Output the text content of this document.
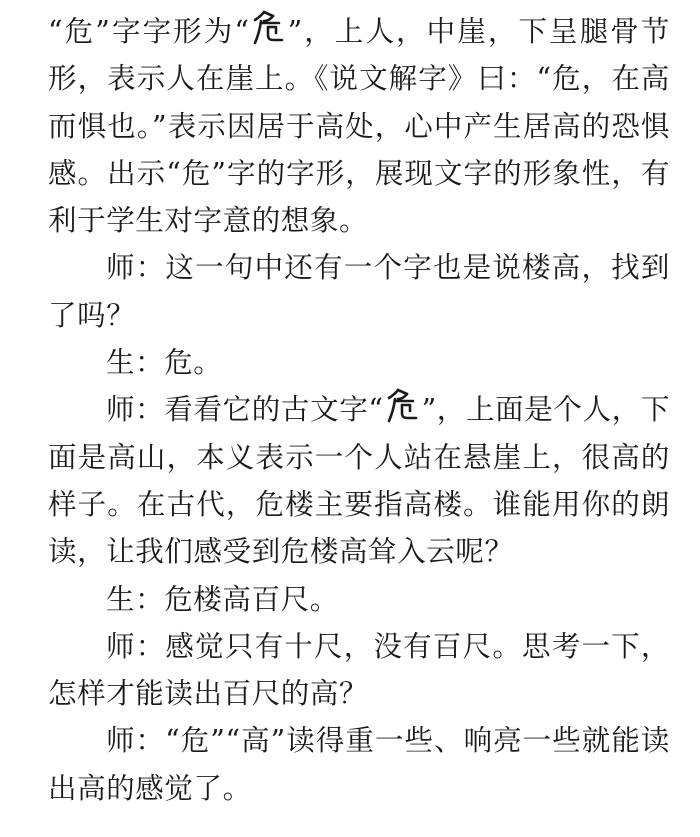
“危”字字形为“ ”，上人，中崖，下呈腿骨节形，表示人在崖上。《说文解字》曰：“危，在高而惧也。”表示因居于高处，心中产生居高的恐惧感。出示“危”字的字形，展现文字的形象性，有利于学生对字意的想象。

师：这一句中还有一个字也是说楼高，找到了吗？

生：危。

师：看看它的古文字“ ”，上面是个人，下面是高山，本义表示一个人站在悬崖上，很高的样子。在古代，危楼主要指高楼。谁能用你的朗读，让我们感受到危楼高耸入云呢？

生：危楼高百尺。

师：感觉只有十尺，没有百尺。思考一下，怎样才能读出百尺的高？

师：“危”“高”读得重一些、响亮一些就能读出高的感觉了。
